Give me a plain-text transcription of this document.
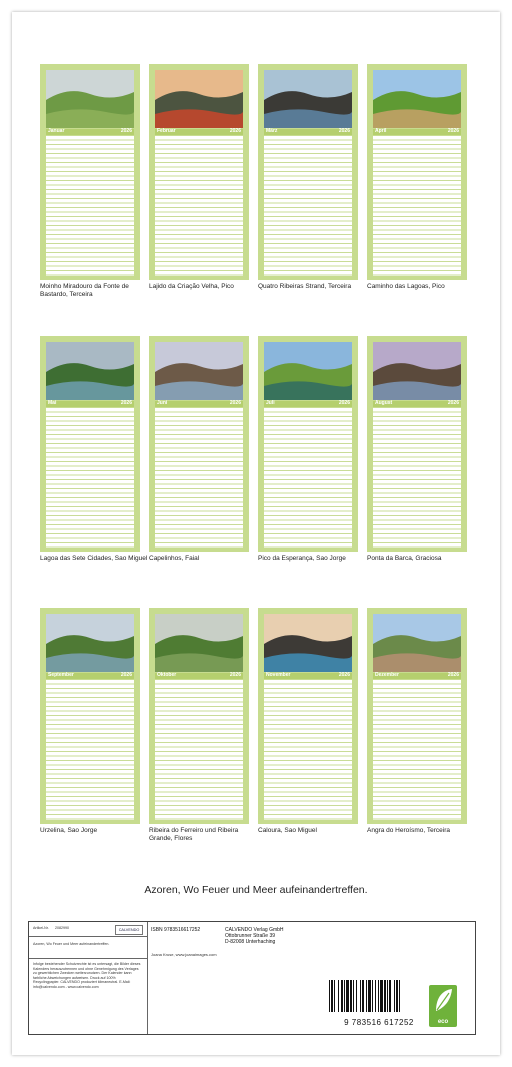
Januar	2026
Moinho Miradouro da Fonte de Bastardo, Terceira
Februar	2026
Lajido da Criação Velha, Pico
März	2026
Quatro Ribeiras Strand, Terceira
April	2026
Caminho das Lagoas, Pico
Mai	2026
Lagoa das Sete Cidades, Sao Miguel
Juni	2026
Capelinhos, Faial
Juli	2026
Pico da Esperança, Sao Jorge
August	2026
Ponta da Barca, Graciosa
September	2026
Urzelina, Sao Jorge
Oktober	2026
Ribeira do Ferreiro und Ribeira Grande, Flores
November	2026
Caloura, Sao Miguel
Dezember	2026
Angra do Heroísmo, Terceira
Azoren, Wo Feuer und Meer aufeinandertreffen.
Artikel-Nr. 2082990	CALVENDO
Azoren, Wo Feuer und Meer aufeinandertreffen.
Infolge bestehender Schutzrechte ist es untersagt, die Bilder dieses Kalenders herauszutrennen und ohne Genehmigung des Verlages zu gewerblichen Zwecken weiterzunutzen. Der Kalender kann farbliche Abweichungen aufweisen. Druck auf 100% Recyclingpapier. CALVENDO produziert klimaneutral. E-Mail: info@calvendo.com - www.calvendo.com
ISBN 9783516617252	CALVENDO Verlag GmbH
Ottobrunner Straße 39
D-82008 Unterhaching
Joana Kruse, www.joanaimages.com
9 783516 617252	eco
